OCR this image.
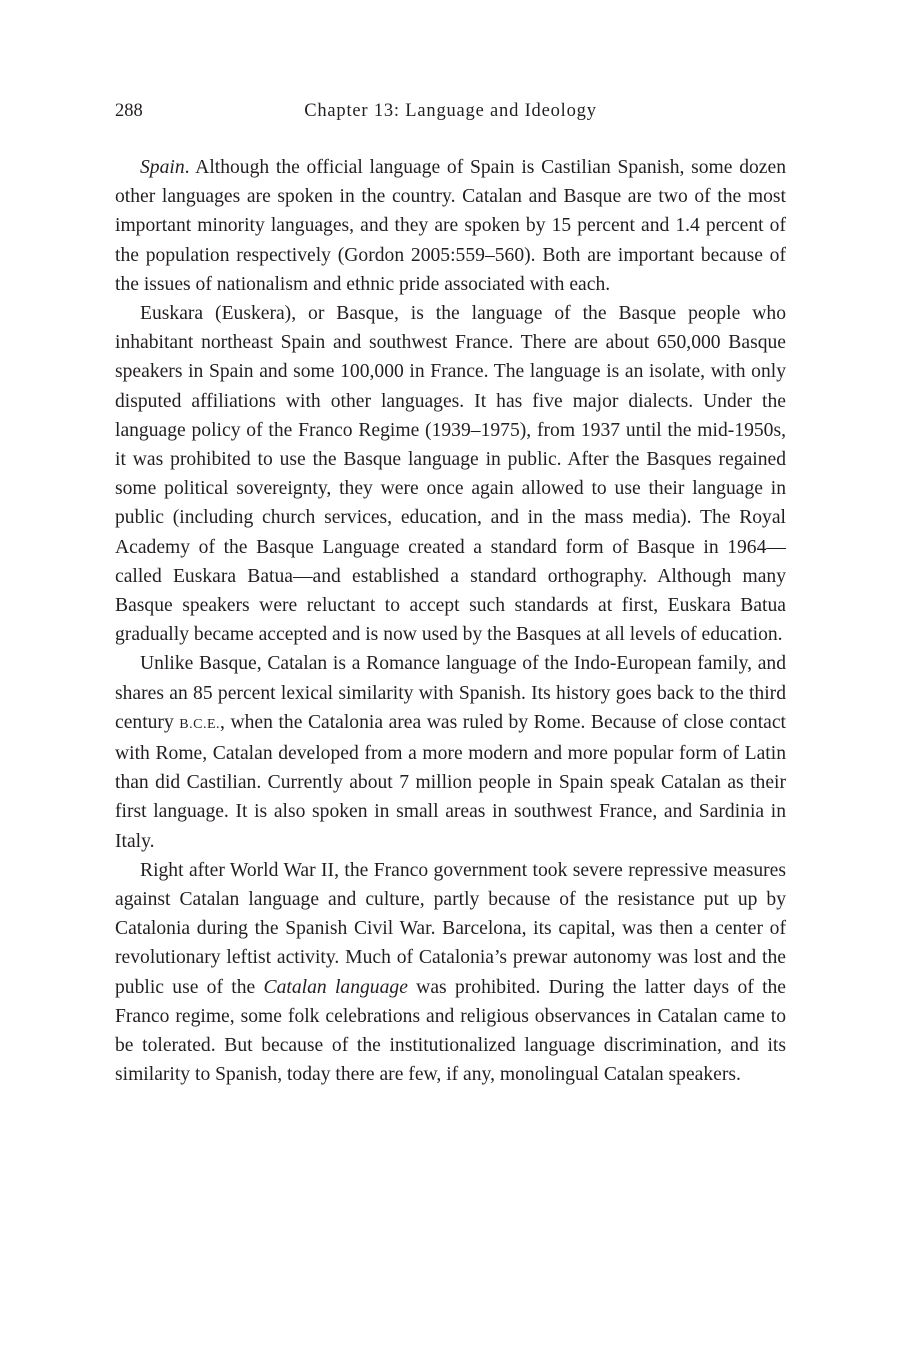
288	Chapter 13: Language and Ideology

Spain. Although the official language of Spain is Castilian Spanish, some dozen other languages are spoken in the country. Catalan and Basque are two of the most important minority languages, and they are spoken by 15 percent and 1.4 percent of the population respectively (Gordon 2005:559–560). Both are important because of the issues of nationalism and ethnic pride associated with each.

Euskara (Euskera), or Basque, is the language of the Basque people who inhabitant northeast Spain and southwest France. There are about 650,000 Basque speakers in Spain and some 100,000 in France. The language is an isolate, with only disputed affiliations with other languages. It has five major dialects. Under the language policy of the Franco Regime (1939–1975), from 1937 until the mid-1950s, it was prohibited to use the Basque language in public. After the Basques regained some political sovereignty, they were once again allowed to use their language in public (including church services, education, and in the mass media). The Royal Academy of the Basque Language created a standard form of Basque in 1964—called Euskara Batua—and established a standard orthography. Although many Basque speakers were reluctant to accept such standards at first, Euskara Batua gradually became accepted and is now used by the Basques at all levels of education.

Unlike Basque, Catalan is a Romance language of the Indo-European family, and shares an 85 percent lexical similarity with Spanish. Its history goes back to the third century B.C.E., when the Catalonia area was ruled by Rome. Because of close contact with Rome, Catalan developed from a more modern and more popular form of Latin than did Castilian. Currently about 7 million people in Spain speak Catalan as their first language. It is also spoken in small areas in southwest France, and Sardinia in Italy.

Right after World War II, the Franco government took severe repressive measures against Catalan language and culture, partly because of the resistance put up by Catalonia during the Spanish Civil War. Barcelona, its capital, was then a center of revolutionary leftist activity. Much of Catalonia’s prewar autonomy was lost and the public use of the Catalan language was prohibited. During the latter days of the Franco regime, some folk celebrations and religious observances in Catalan came to be tolerated. But because of the institutionalized language discrimination, and its similarity to Spanish, today there are few, if any, monolingual Catalan speakers.
